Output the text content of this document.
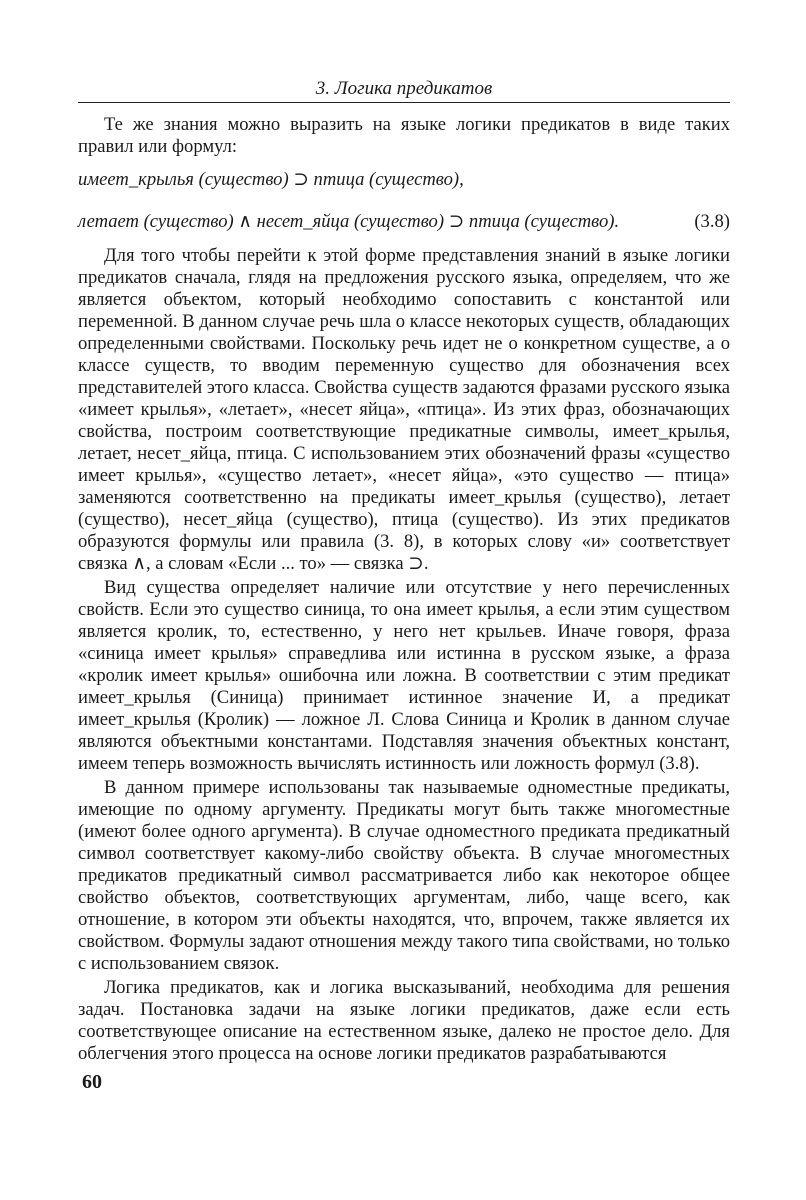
3. Логика предикатов

Те же знания можно выразить на языке логики предикатов в виде таких правил или формул:

имеет_крылья (существо) ⊃ птица (существо),

летает (существо) ∧ несет_яйца (существо) ⊃ птица (существо).	(3.8)

Для того чтобы перейти к этой форме представления знаний в языке логики предикатов сначала, глядя на предложения русского языка, определяем, что же является объектом, который необходимо сопоставить с константой или переменной. В данном случае речь шла о классе некоторых существ, обладающих определенными свойствами. Поскольку речь идет не о конкретном существе, а о классе существ, то вводим переменную существо для обозначения всех представителей этого класса. Свойства существ задаются фразами русского языка «имеет крылья», «летает», «несет яйца», «птица». Из этих фраз, обозначающих свойства, построим соответствующие предикатные символы, имеет_крылья, летает, несет_яйца, птица. С использованием этих обозначений фразы «существо имеет крылья», «существо летает», «несет яйца», «это существо — птица» заменяются соответственно на предикаты имеет_крылья (существо), летает (существо), несет_яйца (существо), птица (существо). Из этих предикатов образуются формулы или правила (3. 8), в которых слову «и» соответствует связка ∧, а словам «Если ... то» — связка ⊃.

Вид существа определяет наличие или отсутствие у него перечисленных свойств. Если это существо синица, то она имеет крылья, а если этим существом является кролик, то, естественно, у него нет крыльев. Иначе говоря, фраза «синица имеет крылья» справедлива или истинна в русском языке, а фраза «кролик имеет крылья» ошибочна или ложна. В соответствии с этим предикат имеет_крылья (Синица) принимает истинное значение И, а предикат имеет_крылья (Кролик) — ложное Л. Слова Синица и Кролик в данном случае являются объектными константами. Подставляя значения объектных констант, имеем теперь возможность вычислять истинность или ложность формул (3.8).

В данном примере использованы так называемые одноместные предикаты, имеющие по одному аргументу. Предикаты могут быть также многоместные (имеют более одного аргумента). В случае одноместного предиката предикатный символ соответствует какому-либо свойству объекта. В случае многоместных предикатов предикатный символ рассматривается либо как некоторое общее свойство объектов, соответствующих аргументам, либо, чаще всего, как отношение, в котором эти объекты находятся, что, впрочем, также является их свойством. Формулы задают отношения между такого типа свойствами, но только с использованием связок.

Логика предикатов, как и логика высказываний, необходима для решения задач. Постановка задачи на языке логики предикатов, даже если есть соответствующее описание на естественном языке, далеко не простое дело. Для облегчения этого процесса на основе логики предикатов разрабатываются

60
